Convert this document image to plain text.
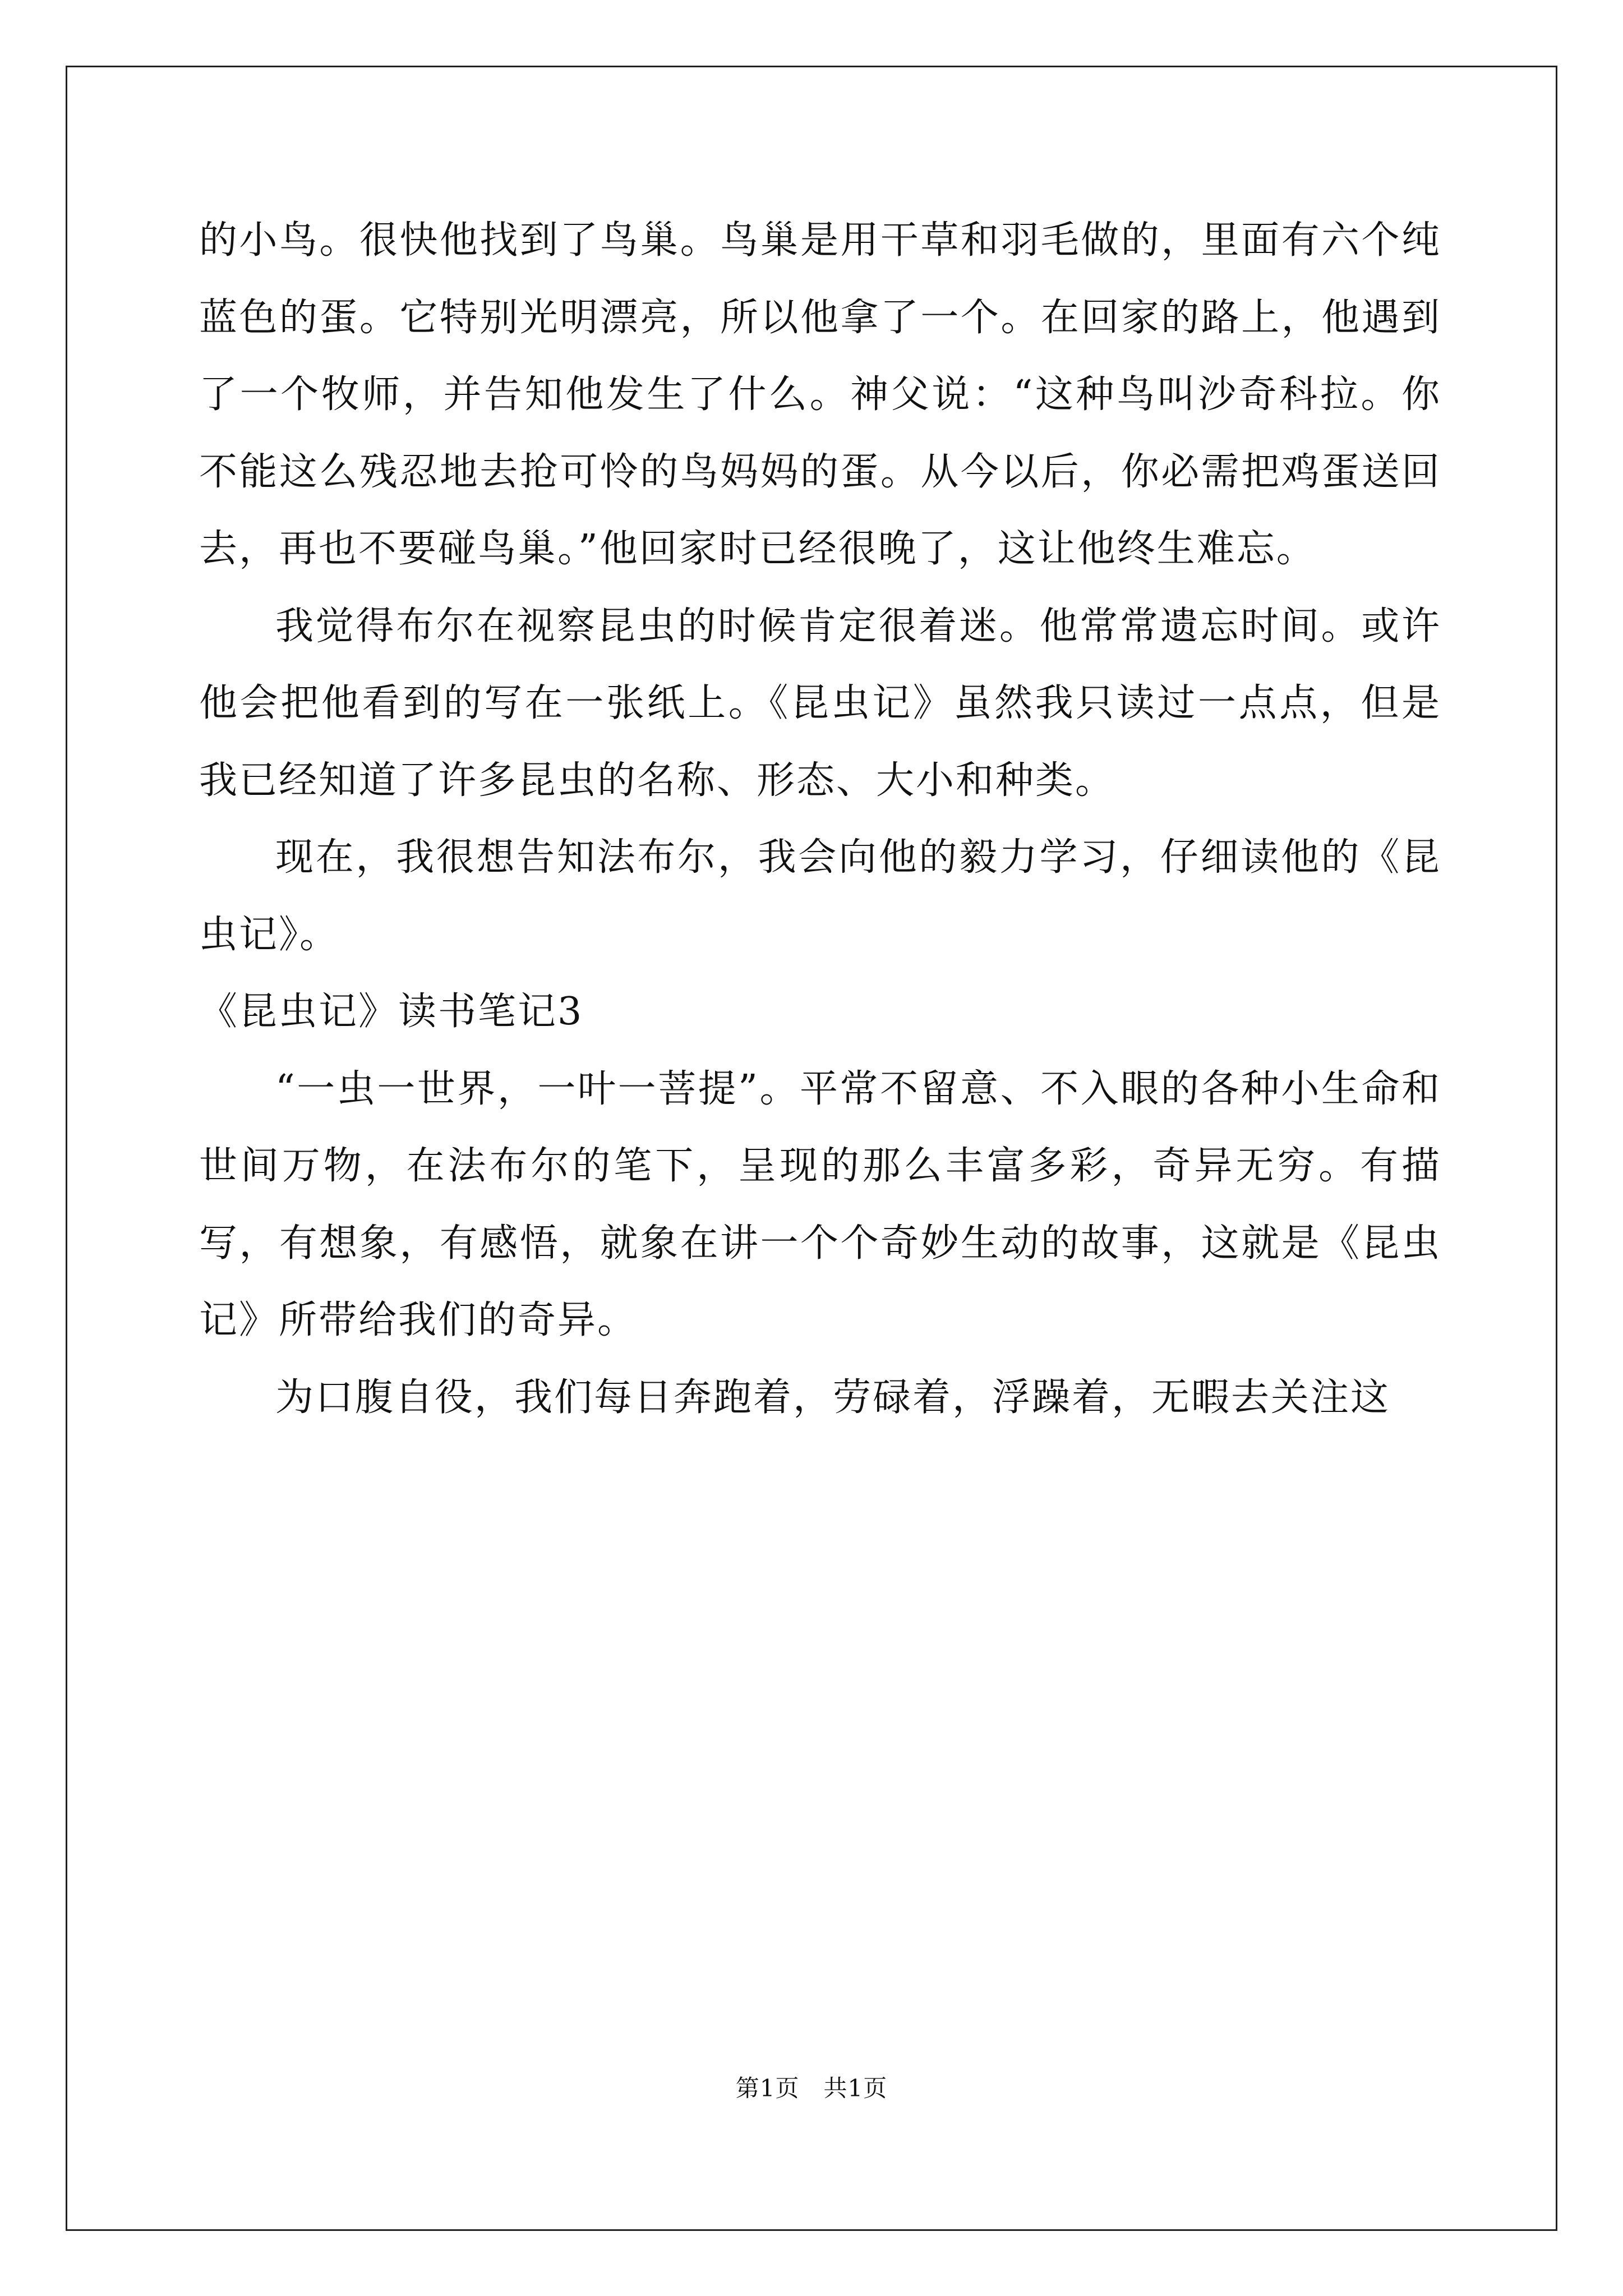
的小鸟。很快他找到了鸟巢。鸟巢是用干草和羽毛做的，里面有六个纯蓝色的蛋。它特别光明漂亮，所以他拿了一个。在回家的路上，他遇到了一个牧师，并告知他发生了什么。神父说：“这种鸟叫沙奇科拉。你不能这么残忍地去抢可怜的鸟妈妈的蛋。从今以后，你必需把鸡蛋送回去，再也不要碰鸟巢。”他回家时已经很晚了，这让他终生难忘。

我觉得布尔在视察昆虫的时候肯定很着迷。他常常遗忘时间。或许他会把他看到的写在一张纸上。《昆虫记》虽然我只读过一点点，但是我已经知道了许多昆虫的名称、形态、大小和种类。

现在，我很想告知法布尔，我会向他的毅力学习，仔细读他的《昆虫记》。

《昆虫记》读书笔记3

“一虫一世界，一叶一菩提”。平常不留意、不入眼的各种小生命和世间万物，在法布尔的笔下，呈现的那么丰富多彩，奇异无穷。有描写，有想象，有感悟，就象在讲一个个奇妙生动的故事，这就是《昆虫记》所带给我们的奇异。

为口腹自役，我们每日奔跑着，劳碌着，浮躁着，无暇去关注这

第1页 共1页
